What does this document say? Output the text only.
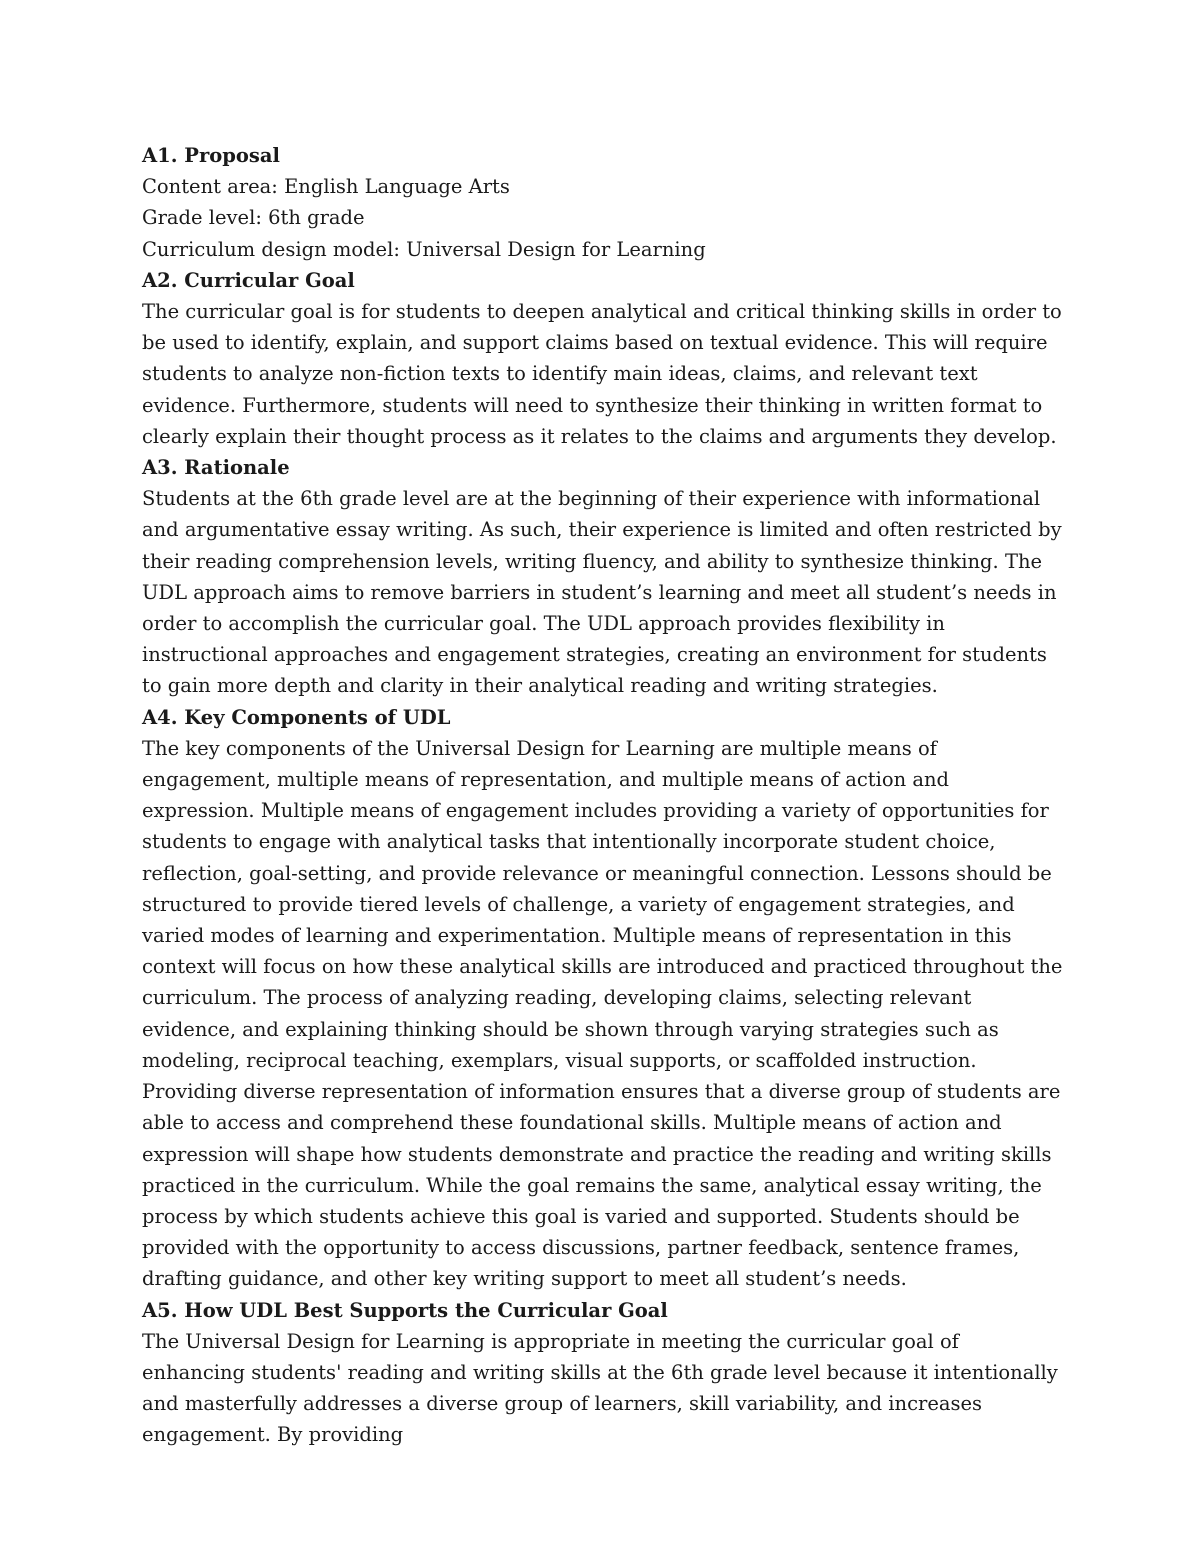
A1. Proposal

Content area: English Language Arts

Grade level: 6th grade

Curriculum design model: Universal Design for Learning

A2. Curricular Goal

The curricular goal is for students to deepen analytical and critical thinking skills in order to be used to identify, explain, and support claims based on textual evidence. This will require students to analyze non-fiction texts to identify main ideas, claims, and relevant text evidence. Furthermore, students will need to synthesize their thinking in written format to clearly explain their thought process as it relates to the claims and arguments they develop.

A3. Rationale

Students at the 6th grade level are at the beginning of their experience with informational and argumentative essay writing. As such, their experience is limited and often restricted by their reading comprehension levels, writing fluency, and ability to synthesize thinking. The UDL approach aims to remove barriers in student’s learning and meet all student’s needs in order to accomplish the curricular goal. The UDL approach provides flexibility in instructional approaches and engagement strategies, creating an environment for students to gain more depth and clarity in their analytical reading and writing strategies.

A4. Key Components of UDL

The key components of the Universal Design for Learning are multiple means of engagement, multiple means of representation, and multiple means of action and expression. Multiple means of engagement includes providing a variety of opportunities for students to engage with analytical tasks that intentionally incorporate student choice, reflection, goal-setting, and provide relevance or meaningful connection. Lessons should be structured to provide tiered levels of challenge, a variety of engagement strategies, and varied modes of learning and experimentation. Multiple means of representation in this context will focus on how these analytical skills are introduced and practiced throughout the curriculum. The process of analyzing reading, developing claims, selecting relevant evidence, and explaining thinking should be shown through varying strategies such as modeling, reciprocal teaching, exemplars, visual supports, or scaffolded instruction. Providing diverse representation of information ensures that a diverse group of students are able to access and comprehend these foundational skills. Multiple means of action and expression will shape how students demonstrate and practice the reading and writing skills practiced in the curriculum. While the goal remains the same, analytical essay writing, the process by which students achieve this goal is varied and supported. Students should be provided with the opportunity to access discussions, partner feedback, sentence frames, drafting guidance, and other key writing support to meet all student’s needs.

A5. How UDL Best Supports the Curricular Goal

The Universal Design for Learning is appropriate in meeting the curricular goal of enhancing students' reading and writing skills at the 6th grade level because it intentionally and masterfully addresses a diverse group of learners, skill variability, and increases engagement. By providing
